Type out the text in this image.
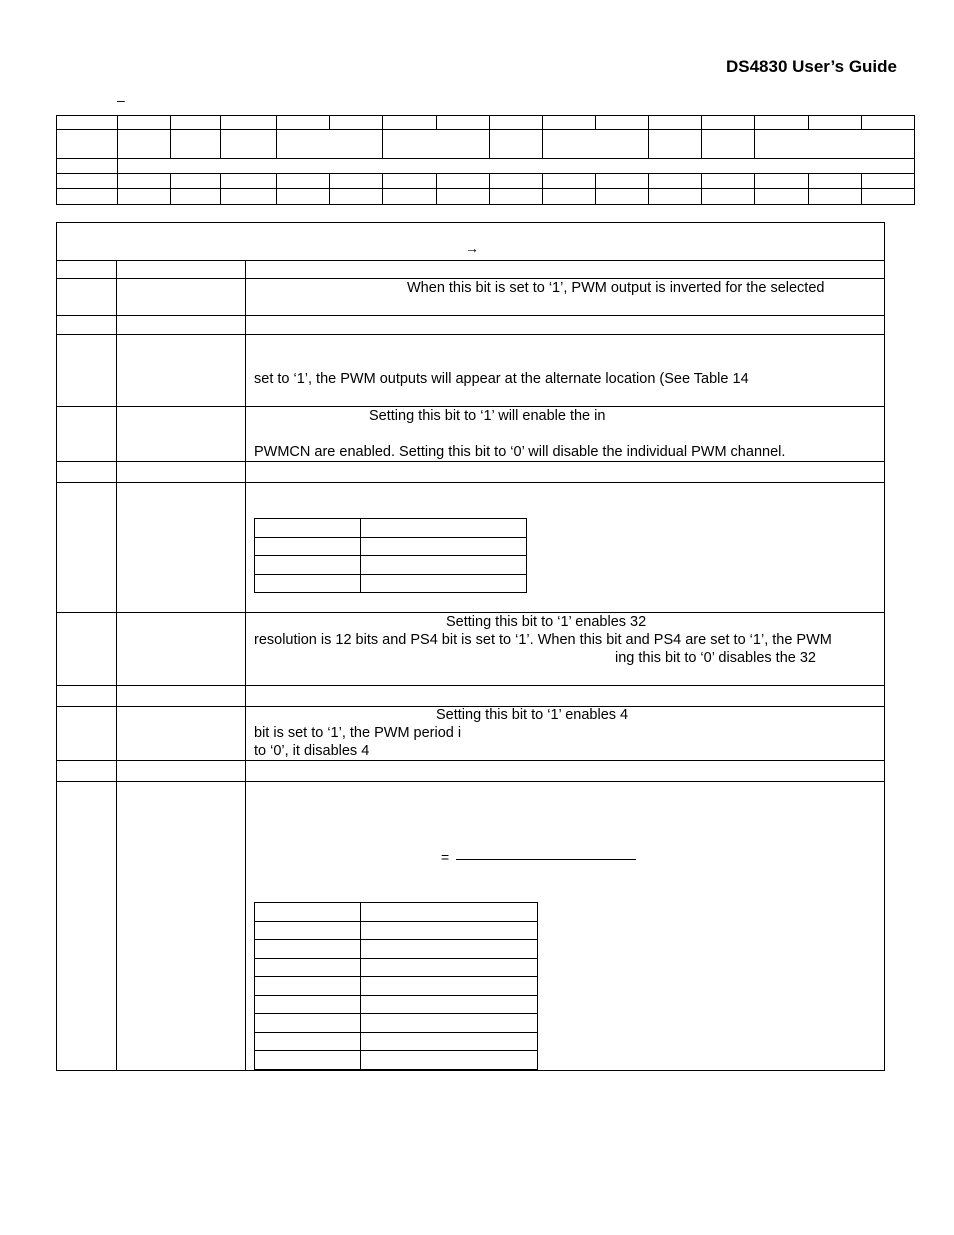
DS4830 User’s Guide
–

→
When this bit is set to ‘1’, PWM output is inverted for the selected
set to ‘1’, the PWM outputs will appear at the alternate location (See Table 14
Setting this bit to ‘1’ will enable the in
PWMCN are enabled. Setting this bit to ‘0’ will disable the individual PWM channel.
Setting this bit to ‘1’ enables 32
resolution is 12 bits and PS4 bit is set to ‘1’. When this bit and PS4 are set to ‘1’, the PWM
ing this bit to ‘0’ disables the 32
Setting this bit to ‘1’ enables 4
bit is set to ‘1’, the PWM period i
to ‘0’, it disables 4

=
